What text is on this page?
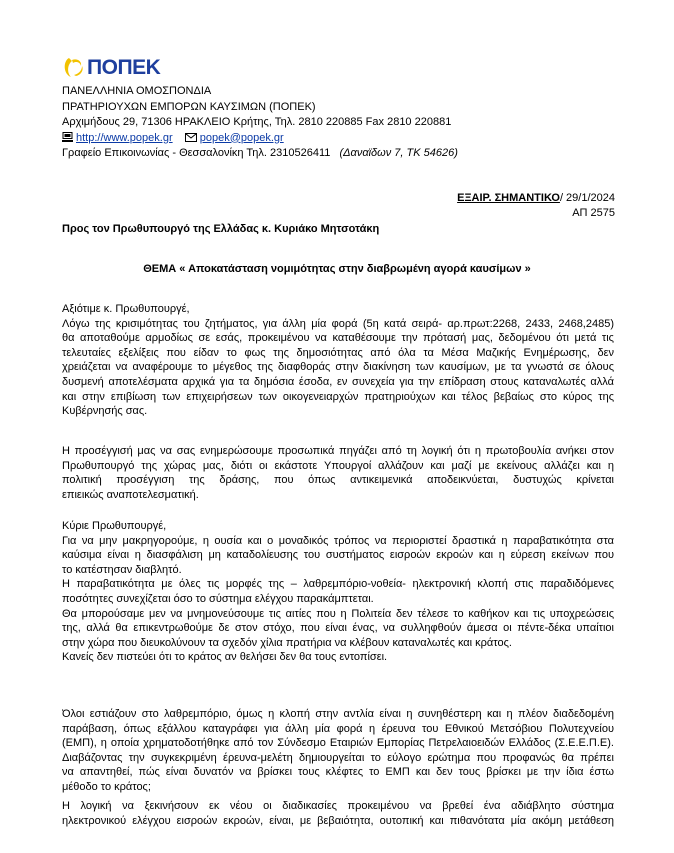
ΠΟΠΕΚ
ΠΑΝΕΛΛΗΝΙΑ ΟΜΟΣΠΟΝΔΙΑ
ΠΡΑΤΗΡΙΟΥΧΩΝ ΕΜΠΟΡΩΝ ΚΑΥΣΙΜΩΝ (ΠΟΠΕΚ)
Αρχιμήδους 29, 71306 ΗΡΑΚΛΕΙΟ Κρήτης, Τηλ. 2810 220885 Fax 2810 220881
http://www.popek.gr popek@popek.gr
Γραφείο Επικοινωνίας - Θεσσαλονίκη Τηλ. 2310526411 (Δαναϊδων 7, ΤΚ 54626)
ΕΞΑΙΡ. ΣΗΜΑΝΤΙΚΟ/ 29/1/2024
ΑΠ 2575
Προς τον Πρωθυπουργό της Ελλάδας κ. Κυριάκο Μητσοτάκη
ΘΕΜΑ « Αποκατάσταση νομιμότητας στην διαβρωμένη αγορά καυσίμων »
Αξιότιμε κ. Πρωθυπουργέ,
Λόγω της κρισιμότητας του ζητήματος, για άλλη μία φορά (5η κατά σειρά- αρ.πρωτ:2268, 2433, 2468,2485)
θα αποταθούμε αρμοδίως σε εσάς, προκειμένου να καταθέσουμε την πρότασή μας, δεδομένου ότι μετά τις
τελευταίες εξελίξεις που είδαν το φως της δημοσιότητας από όλα τα Μέσα Μαζικής Ενημέρωσης, δεν
χρειάζεται να αναφέρουμε το μέγεθος της διαφθοράς στην διακίνηση των καυσίμων, με τα γνωστά σε όλους
δυσμενή αποτελέσματα αρχικά για τα δημόσια έσοδα, εν συνεχεία για την επίδραση στους καταναλωτές αλλά
και στην επιβίωση των επιχειρήσεων των οικογενειαρχών πρατηριούχων και τέλος βεβαίως στο κύρος της
Κυβέρνησής σας.
Η προσέγγισή μας να σας ενημερώσουμε προσωπικά πηγάζει από τη λογική ότι η πρωτοβουλία ανήκει στον
Πρωθυπουργό της χώρας μας, διότι οι εκάστοτε Υπουργοί αλλάζουν και μαζί με εκείνους αλλάζει και η
πολιτική προσέγγιση της δράσης, που όπως αντικειμενικά αποδεικνύεται, δυστυχώς κρίνεται
επιεικώς αναποτελεσματική.
Κύριε Πρωθυπουργέ,
Για να μην μακρηγορούμε, η ουσία και ο μοναδικός τρόπος να περιοριστεί δραστικά η παραβατικότητα στα
καύσιμα είναι η διασφάλιση μη καταδολίευσης του συστήματος εισροών εκροών και η εύρεση εκείνων που
το κατέστησαν διαβλητό.
Η παραβατικότητα με όλες τις μορφές της – λαθρεμπόριο-νοθεία- ηλεκτρονική κλοπή στις παραδιδόμενες
ποσότητες συνεχίζεται όσο το σύστημα ελέγχου παρακάμπτεται.
Θα μπορούσαμε μεν να μνημονεύσουμε τις αιτίες που η Πολιτεία δεν τέλεσε το καθήκον και τις υποχρεώσεις
της, αλλά θα επικεντρωθούμε δε στον στόχο, που είναι ένας, να συλληφθούν άμεσα οι πέντε-δέκα υπαίτιοι
στην χώρα που διευκολύνουν τα σχεδόν χίλια πρατήρια να κλέβουν καταναλωτές και κράτος.
Κανείς δεν πιστεύει ότι το κράτος αν θελήσει δεν θα τους εντοπίσει.
Όλοι εστιάζουν στο λαθρεμπόριο, όμως η κλοπή στην αντλία είναι η συνηθέστερη και η πλέον διαδεδομένη
παράβαση, όπως εξάλλου καταγράφει για άλλη μία φορά η έρευνα του Εθνικού Μετσόβιου Πολυτεχνείου
(ΕΜΠ), η οποία χρηματοδοτήθηκε από τον Σύνδεσμο Εταιριών Εμπορίας Πετρελαιοειδών Ελλάδος (Σ.Ε.Ε.Π.Ε).
Διαβάζοντας την συγκεκριμένη έρευνα-μελέτη δημιουργείται το εύλογο ερώτημα που προφανώς θα πρέπει
να απαντηθεί, πώς είναι δυνατόν να βρίσκει τους κλέφτες το ΕΜΠ και δεν τους βρίσκει με την ίδια έστω
μέθοδο το κράτος;
Η λογική να ξεκινήσουν εκ νέου οι διαδικασίες προκειμένου να βρεθεί ένα αδιάβλητο σύστημα
ηλεκτρονικού ελέγχου εισροών εκροών, είναι, με βεβαιότητα, ουτοπική και πιθανότατα μία ακόμη μετάθεση
